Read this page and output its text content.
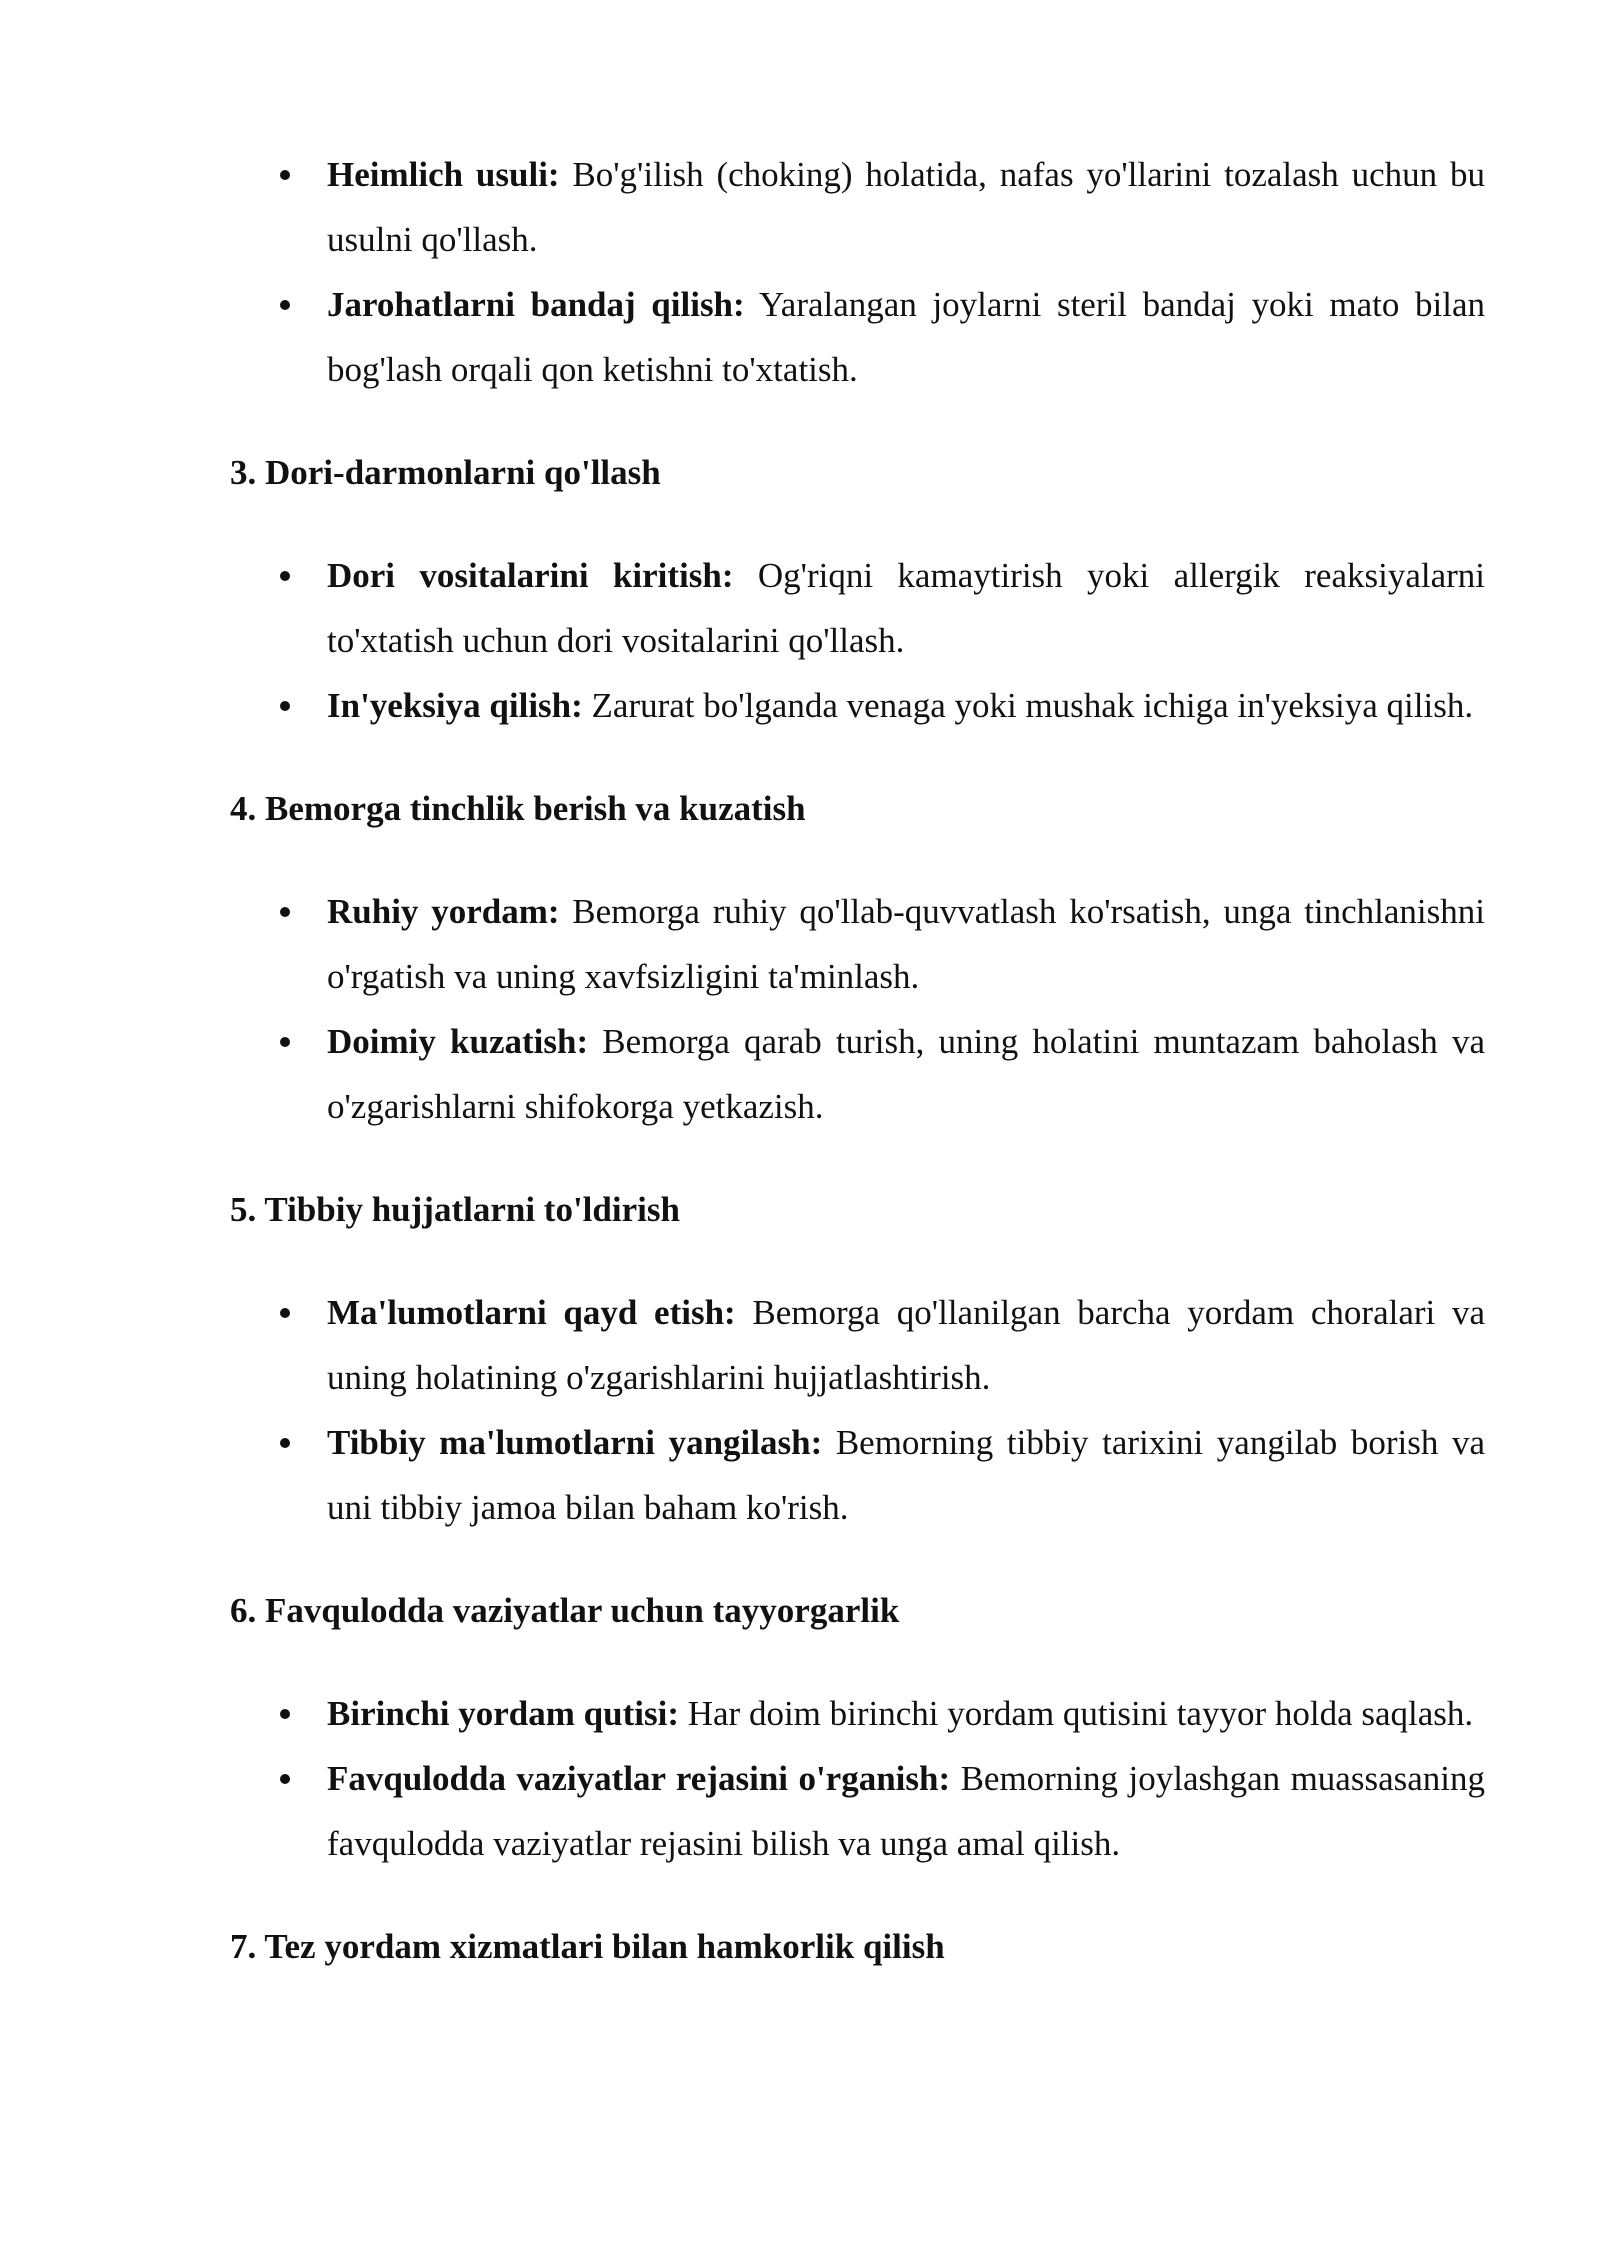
Heimlich usuli: Bo'g'ilish (choking) holatida, nafas yo'llarini tozalash uchun bu usulni qo'llash.
Jarohatlarni bandaj qilish: Yaralangan joylarni steril bandaj yoki mato bilan bog'lash orqali qon ketishni to'xtatish.
3. Dori-darmonlarni qo'llash
Dori vositalarini kiritish: Og'riqni kamaytirish yoki allergik reaksiyalarni to'xtatish uchun dori vositalarini qo'llash.
In'yeksiya qilish: Zarurat bo'lganda venaga yoki mushak ichiga in'yeksiya qilish.
4. Bemorga tinchlik berish va kuzatish
Ruhiy yordam: Bemorga ruhiy qo'llab-quvvatlash ko'rsatish, unga tinchlanishni o'rgatish va uning xavfsizligini ta'minlash.
Doimiy kuzatish: Bemorga qarab turish, uning holatini muntazam baholash va o'zgarishlarni shifokorga yetkazish.
5. Tibbiy hujjatlarni to'ldirish
Ma'lumotlarni qayd etish: Bemorga qo'llanilgan barcha yordam choralari va uning holatining o'zgarishlarini hujjatlashtirish.
Tibbiy ma'lumotlarni yangilash: Bemorning tibbiy tarixini yangilab borish va uni tibbiy jamoa bilan baham ko'rish.
6. Favqulodda vaziyatlar uchun tayyorgarlik
Birinchi yordam qutisi: Har doim birinchi yordam qutisini tayyor holda saqlash.
Favqulodda vaziyatlar rejasini o'rganish: Bemorning joylashgan muassasaning favqulodda vaziyatlar rejasini bilish va unga amal qilish.
7. Tez yordam xizmatlari bilan hamkorlik qilish
